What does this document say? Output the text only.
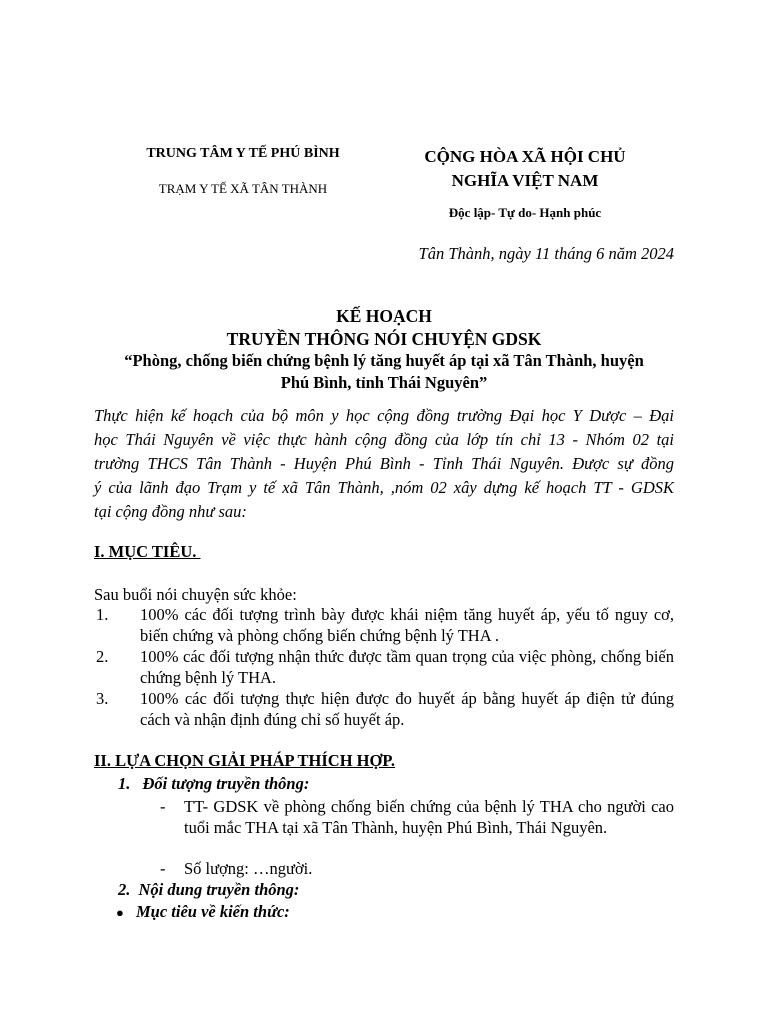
TRUNG TÂM Y TẾ PHÚ BÌNH
TRẠM Y TẾ XÃ TÂN THÀNH
CỘNG HÒA XÃ HỘI CHỦ
NGHĨA VIỆT NAM
Độc lập- Tự do- Hạnh phúc
Tân Thành, ngày 11 tháng 6 năm 2024
KẾ HOẠCH
TRUYỀN THÔNG NÓI CHUYỆN GDSK
“Phòng, chống biến chứng bệnh lý tăng huyết áp tại xã Tân Thành, huyện
Phú Bình, tỉnh Thái Nguyên”
Thực hiện kế hoạch của bộ môn y học cộng đồng trường Đại học Y Dược – Đại
học Thái Nguyên về việc thực hành cộng đồng của lớp tín chỉ 13 - Nhóm 02 tại
trường THCS Tân Thành - Huyện Phú Bình - Tỉnh Thái Nguyên. Được sự đồng
ý của lãnh đạo Trạm y tế xã Tân Thành, ,nóm 02 xây dựng kế hoạch TT - GDSK
tại cộng đồng như sau:
I. MỤC TIÊU.
Sau buổi nói chuyện sức khỏe:
1.	100% các đối tượng trình bày được khái niệm tăng huyết áp, yếu tố nguy cơ, biến chứng và phòng chống biến chứng bệnh lý THA .
2.	100% các đối tượng nhận thức được tầm quan trọng của việc phòng, chống biến chứng bệnh lý THA.
3.	100% các đối tượng thực hiện được đo huyết áp bằng huyết áp điện tử đúng cách và nhận định đúng chỉ số huyết áp.
II. LỰA CHỌN GIẢI PHÁP THÍCH HỢP.
1. Đối tượng truyền thông:
-	TT- GDSK về phòng chống biến chứng của bệnh lý THA cho người cao tuổi mắc THA tại xã Tân Thành, huyện Phú Bình, Thái Nguyên.
-	Số lượng: …người.
2. Nội dung truyền thông:
● Mục tiêu về kiến thức:
